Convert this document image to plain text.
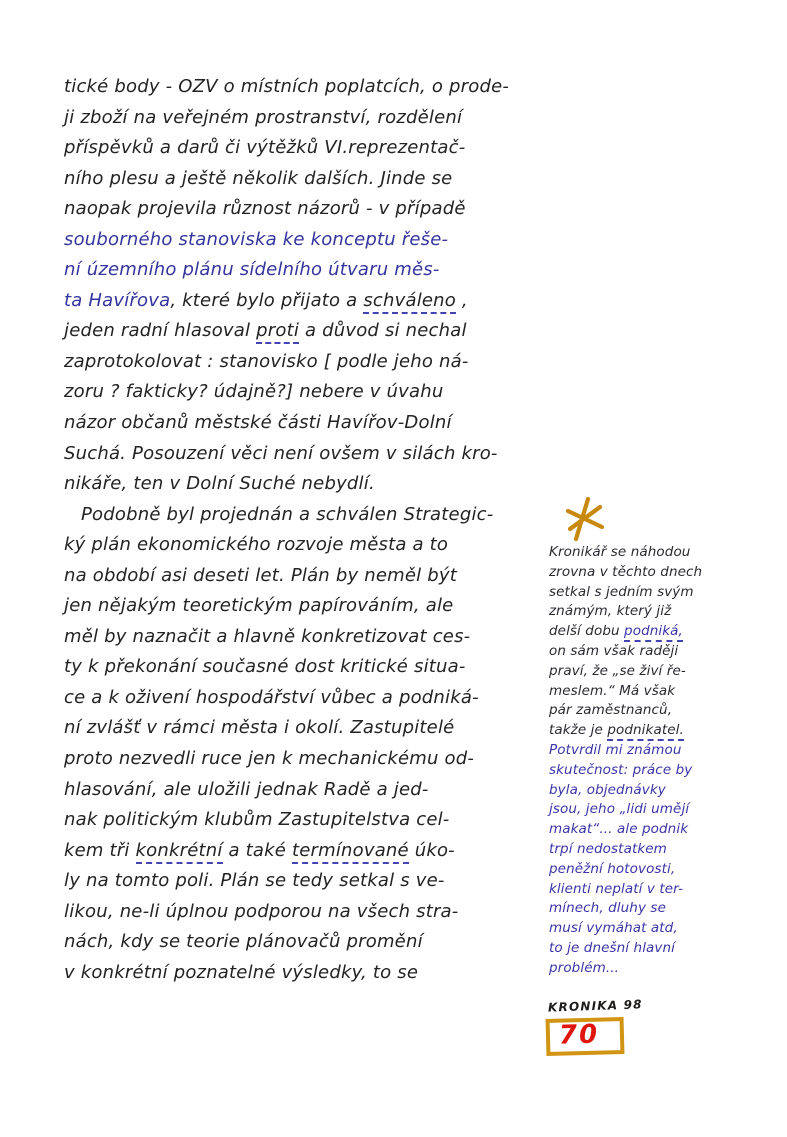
tické body - OZV o místních poplatcích, o prode-
ji zboží na veřejném prostranství, rozdělení
příspěvků a darů či výtěžků VI.reprezentač-
ního plesu a ještě několik dalších. Jinde se
naopak projevila různost názorů - v případě
souborného stanoviska ke konceptu řeše-
ní územního plánu sídelního útvaru měs-
ta Havířova, které bylo přijato a schváleno ,
jeden radní hlasoval proti a důvod si nechal
zaprotokolovat : stanovisko [ podle jeho ná-
zoru ? fakticky? údajně?] nebere v úvahu
názor občanů městské části Havířov-Dolní
Suchá. Posouzení věci není ovšem v silách kro-
nikáře, ten v Dolní Suché nebydlí.
Podobně byl projednán a schválen Strategic-
ký plán ekonomického rozvoje města a to
na období asi deseti let. Plán by neměl být
jen nějakým teoretickým papírováním, ale
měl by naznačit a hlavně konkretizovat ces-
ty k překonání současné dost kritické situa-
ce a k oživení hospodářství vůbec a podniká-
ní zvlášť v rámci města i okolí. Zastupitelé
proto nezvedli ruce jen k mechanickému od-
hlasování, ale uložili jednak Radě a jed-
nak politickým klubům Zastupitelstva cel-
kem tři konkrétní a také termínované úko-
ly na tomto poli. Plán se tedy setkal s ve-
likou, ne-li úplnou podporou na všech stra-
nách, kdy se teorie plánovačů promění
v konkrétní poznatelné výsledky, to se
Kronikář se náhodou
zrovna v těchto dnech
setkal s jedním svým
známým, který již
delší dobu podniká,
on sám však raději
praví, že „se živí ře-
meslem.“ Má však
pár zaměstnanců,
takže je podnikatel.
Potvrdil mi známou
skutečnost: práce by
byla, objednávky
jsou, jeho „lidi umějí
makat“... ale podnik
trpí nedostatkem
peněžní hotovosti,
klienti neplatí v ter-
mínech, dluhy se
musí vymáhat atd,
to je dnešní hlavní
problém...
KRONIKA 98
70
